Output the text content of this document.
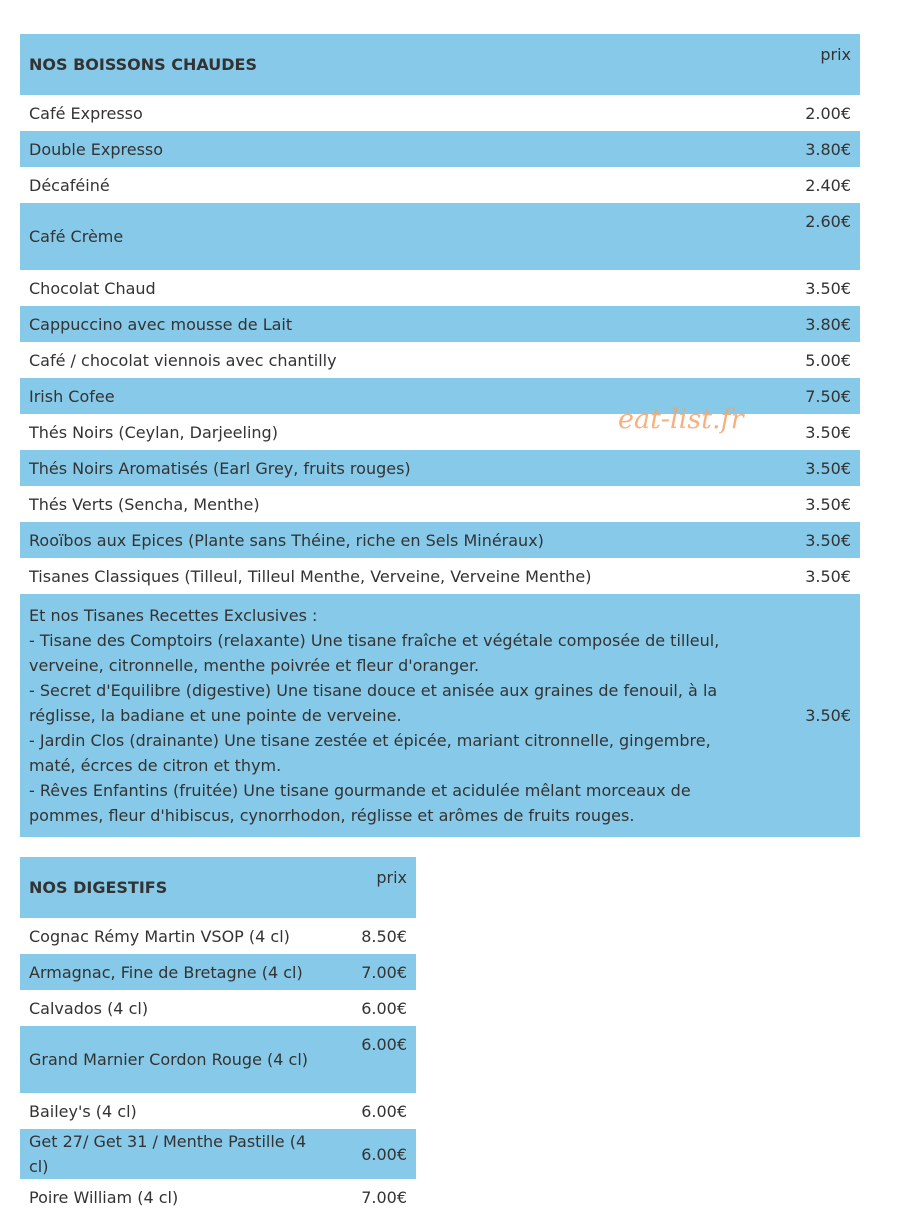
NOS BOISSONS CHAUDES	prix
Café Expresso	2.00€
Double Expresso	3.80€
Décaféiné	2.40€
Café Crème	2.60€
Chocolat Chaud	3.50€
Cappuccino avec mousse de Lait	3.80€
Café / chocolat viennois avec chantilly	5.00€
Irish Cofee	7.50€
Thés Noirs (Ceylan, Darjeeling)	3.50€
Thés Noirs Aromatisés (Earl Grey, fruits rouges)	3.50€
Thés Verts (Sencha, Menthe)	3.50€
Rooïbos aux Epices (Plante sans Théine, riche en Sels Minéraux)	3.50€
Tisanes Classiques (Tilleul, Tilleul Menthe, Verveine, Verveine Menthe)	3.50€

Et nos Tisanes Recettes Exclusives :
- Tisane des Comptoirs (relaxante) Une tisane fraîche et végétale composée de tilleul, verveine, citronnelle, menthe poivrée et fleur d'oranger.
- Secret d'Equilibre (digestive) Une tisane douce et anisée aux graines de fenouil, à la réglisse, la badiane et une pointe de verveine.
- Jardin Clos (drainante) Une tisane zestée et épicée, mariant citronnelle, gingembre, maté, écrces de citron et thym.
- Rêves Enfantins (fruitée) Une tisane gourmande et acidulée mêlant morceaux de pommes, fleur d'hibiscus, cynorrhodon, réglisse et arômes de fruits rouges.	3.50€
eat-list.fr
NOS DIGESTIFS	prix
Cognac Rémy Martin VSOP (4 cl)	8.50€
Armagnac, Fine de Bretagne (4 cl)	7.00€
Calvados (4 cl)	6.00€
Grand Marnier Cordon Rouge (4 cl)	6.00€
Bailey's (4 cl)	6.00€
Get 27/ Get 31 / Menthe Pastille (4 cl)	6.00€
Poire William (4 cl)	7.00€
